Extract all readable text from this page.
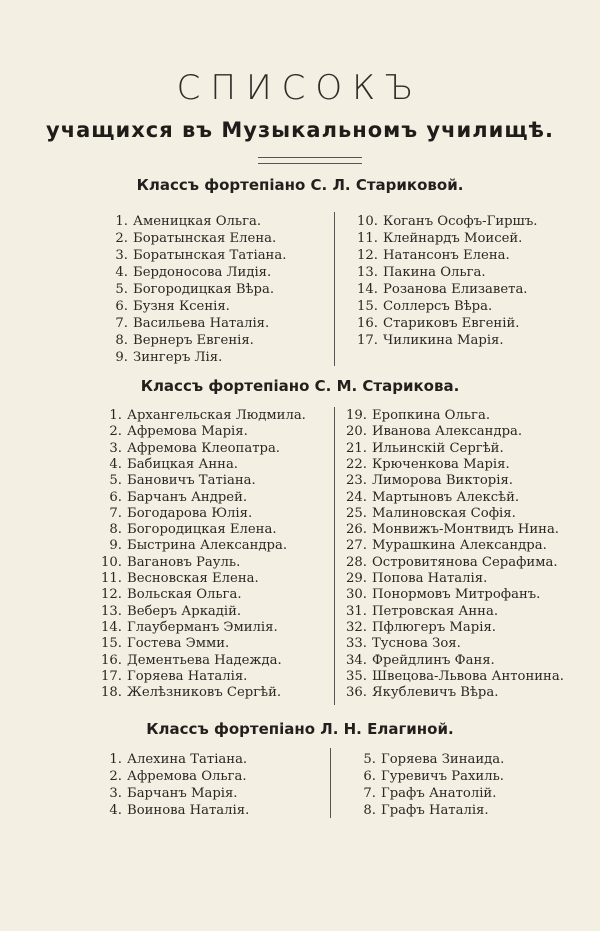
СПИСОКЪ
учащихся въ Музыкальномъ училищѣ.
Классъ фортепіано С. Л. Стариковой.
1. Аменицкая Ольга.
2. Боратынская Елена.
3. Боратынская Татіана.
4. Бердоносова Лидія.
5. Богородицкая Вѣра.
6. Бузня Ксенія.
7. Васильева Наталія.
8. Вернеръ Евгенія.
9. Зингеръ Лія.
10. Коганъ Ософъ-Гиршъ.
11. Клейнардъ Моисей.
12. Натансонъ Елена.
13. Пакина Ольга.
14. Розанова Елизавета.
15. Соллерсъ Вѣра.
16. Стариковъ Евгеній.
17. Чиликина Марія.
Классъ фортепіано С. М. Старикова.
1. Архангельская Людмила.
2. Афремова Марія.
3. Афремова Клеопатра.
4. Бабицкая Анна.
5. Бановичъ Татіана.
6. Барчанъ Андрей.
7. Богодарова Юлія.
8. Богородицкая Елена.
9. Быстрина Александра.
10. Вагановъ Рауль.
11. Весновская Елена.
12. Вольская Ольга.
13. Веберъ Аркадій.
14. Глауберманъ Эмилія.
15. Гостева Эмми.
16. Дементьева Надежда.
17. Горяева Наталія.
18. Желѣзниковъ Сергѣй.
19. Еропкина Ольга.
20. Иванова Александра.
21. Ильинскій Сергѣй.
22. Крюченкова Марія.
23. Лиморова Викторія.
24. Мартыновъ Алексѣй.
25. Малиновская Софія.
26. Монвижъ-Монтвидъ Нина.
27. Мурашкина Александра.
28. Островитянова Серафима.
29. Попова Наталія.
30. Понормовъ Митрофанъ.
31. Петровская Анна.
32. Пфлюгеръ Марія.
33. Туснова Зоя.
34. Фрейдлинъ Фаня.
35. Швецова-Львова Антонина.
36. Якублевичъ Вѣра.
Классъ фортепіано Л. Н. Елагиной.
1. Алехина Татіана.
2. Афремова Ольга.
3. Барчанъ Марія.
4. Воинова Наталія.
5. Горяева Зинаида.
6. Гуревичъ Рахиль.
7. Графъ Анатолій.
8. Графъ Наталія.
